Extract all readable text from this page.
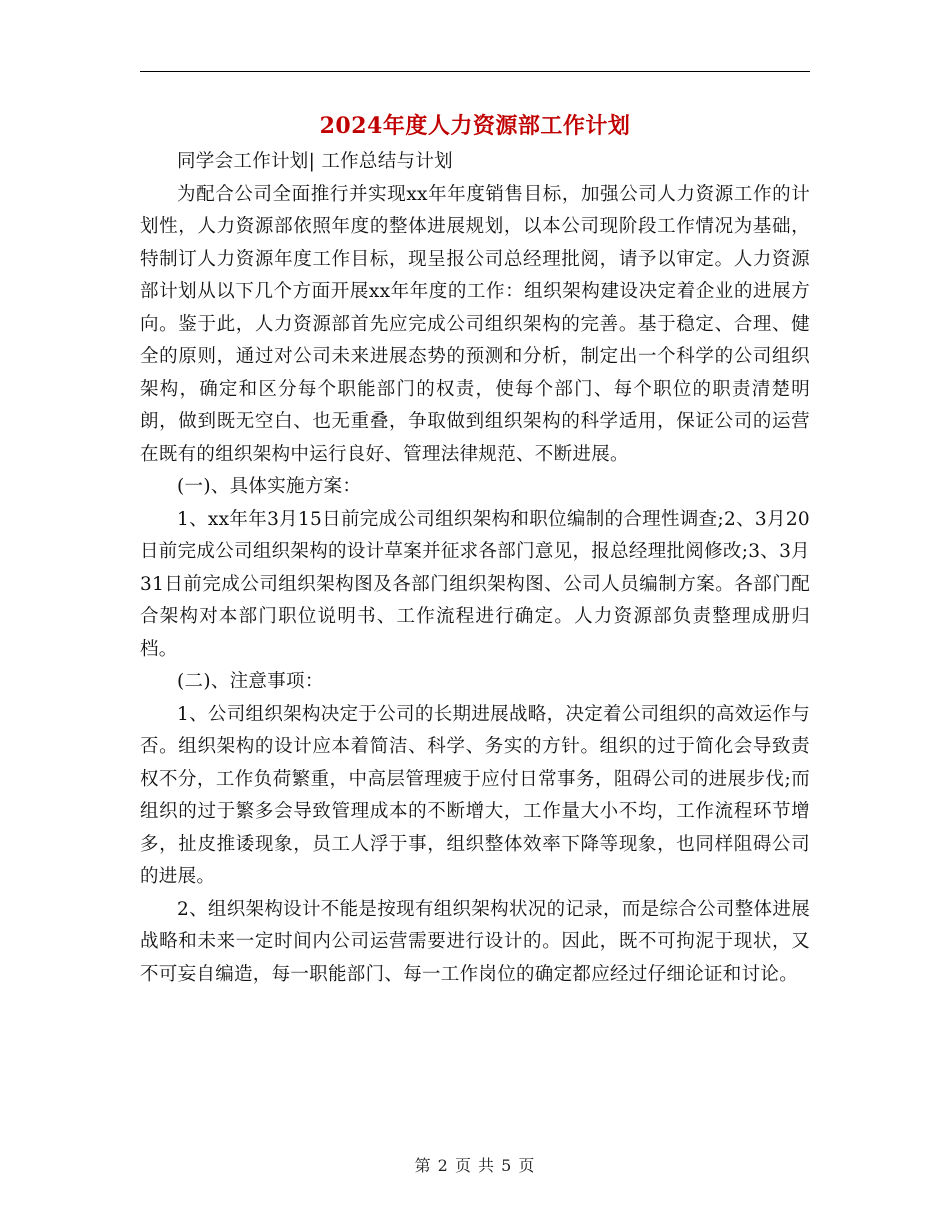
2024年度人力资源部工作计划

同学会工作计划| 工作总结与计划

为配合公司全面推行并实现xx年年度销售目标，加强公司人力资源工作的计划性，人力资源部依照年度的整体进展规划，以本公司现阶段工作情况为基础，特制订人力资源年度工作目标，现呈报公司总经理批阅，请予以审定。人力资源部计划从以下几个方面开展xx年年度的工作：组织架构建设决定着企业的进展方向。鉴于此，人力资源部首先应完成公司组织架构的完善。基于稳定、合理、健全的原则，通过对公司未来进展态势的预测和分析，制定出一个科学的公司组织架构，确定和区分每个职能部门的权责，使每个部门、每个职位的职责清楚明朗，做到既无空白、也无重叠，争取做到组织架构的科学适用，保证公司的运营在既有的组织架构中运行良好、管理法律规范、不断进展。

(一)、具体实施方案：

1、xx年年3月15日前完成公司组织架构和职位编制的合理性调查;2、3月20日前完成公司组织架构的设计草案并征求各部门意见，报总经理批阅修改;3、3月31日前完成公司组织架构图及各部门组织架构图、公司人员编制方案。各部门配合架构对本部门职位说明书、工作流程进行确定。人力资源部负责整理成册归档。

(二)、注意事项：

1、公司组织架构决定于公司的长期进展战略，决定着公司组织的高效运作与否。组织架构的设计应本着简洁、科学、务实的方针。组织的过于简化会导致责权不分，工作负荷繁重，中高层管理疲于应付日常事务，阻碍公司的进展步伐;而组织的过于繁多会导致管理成本的不断增大，工作量大小不均，工作流程环节增多，扯皮推诿现象，员工人浮于事，组织整体效率下降等现象，也同样阻碍公司的进展。

2、组织架构设计不能是按现有组织架构状况的记录，而是综合公司整体进展战略和未来一定时间内公司运营需要进行设计的。因此，既不可拘泥于现状，又不可妄自编造，每一职能部门、每一工作岗位的确定都应经过仔细论证和讨论。

第 2 页 共 5 页
